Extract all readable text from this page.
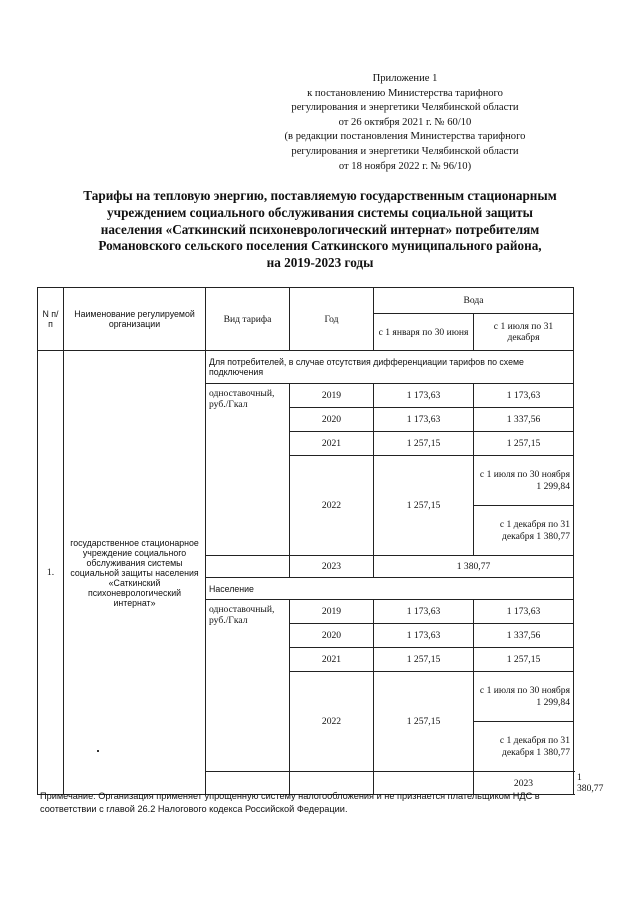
Приложение 1
к постановлению Министерства тарифного
регулирования и энергетики Челябинской области
от 26 октября 2021 г. № 60/10
(в редакции постановления Министерства тарифного
регулирования и энергетики Челябинской области
от 18 ноября 2022 г. № 96/10)
Тарифы на тепловую энергию, поставляемую государственным стационарным
учреждением социального обслуживания системы социальной защиты
населения «Саткинский психоневрологический интернат» потребителям
Романовского сельского поселения Саткинского муниципального района,
на 2019-2023 годы
N п/п	Наименование регулируемой организации	Вид тарифа	Год	Вода		
				с 1 января по 30 июня	с 1 июля по 31 декабря	
1.	государственное стационарное учреждение социального обслуживания системы социальной защиты населения «Саткинский психоневрологический интернат»	Для потребителей, в случае отсутствия дифференциации тарифов по схеме подключения				
		одноставочный, руб./Гкал	2019	1 173,63	1 173,63	
			2020	1 173,63	1 337,56	
			2021	1 257,15	1 257,15	
			2022	1 257,15	с 1 июля по 30 ноября 1 299,84	
					с 1 декабря по 31 декабря 1 380,77	
			2023	1 380,77		
		Население				
		одноставочный, руб./Гкал	2019	1 173,63	1 173,63	
			2020	1 173,63	1 337,56	
			2021	1 257,15	1 257,15	
			2022	1 257,15	с 1 июля по 30 ноября 1 299,84	
					с 1 декабря по 31 декабря 1 380,77	
					2023	1 380,77
Примечание: Организация применяет упрощенную систему налогообложения и не признается плательщиком НДС в соответствии с главой 26.2 Налогового кодекса Российской Федерации.
